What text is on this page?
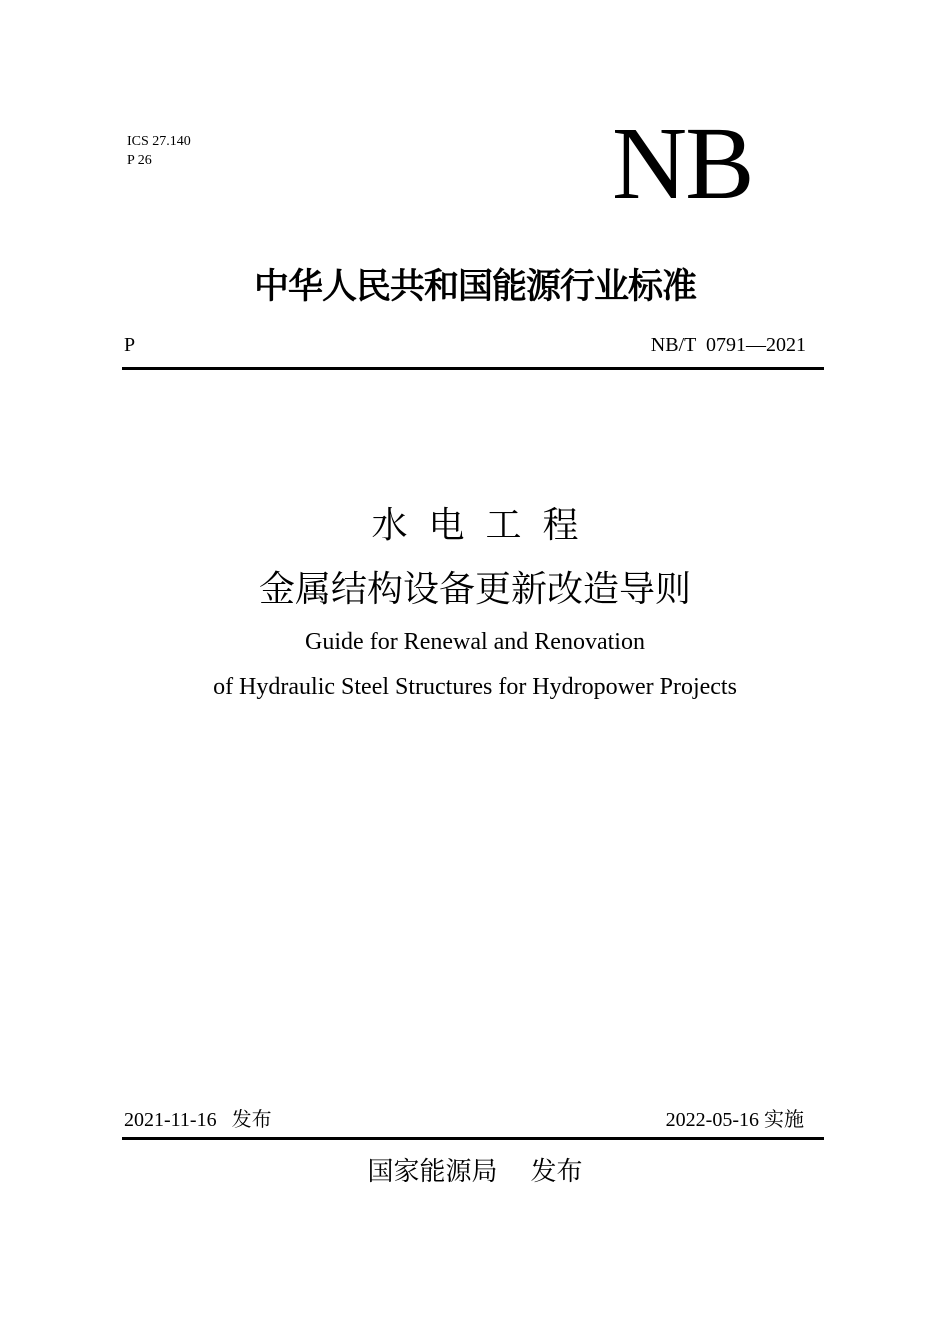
ICS 27.140
P 26	NB
中华人民共和国能源行业标准
P	NB/T  0791—2021
水电工程
金属结构设备更新改造导则
Guide for Renewal and Renovation
of Hydraulic Steel Structures for Hydropower Projects
2021-11-16 发布	2022-05-16 实施
国家能源局 发布
